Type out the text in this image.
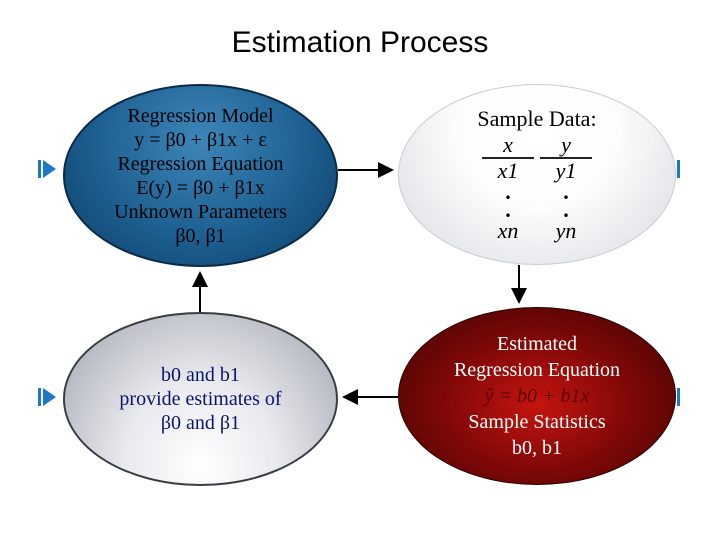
Estimation Process
Regression Model
y = β0 + β1x + ε
Regression Equation
E(y) = β0 + β1x
Unknown Parameters
β0, β1
Sample Data:
x	y
x1 y1
. .
. .
xn yn
b0 and b1
provide estimates of
β0 and β1
Estimated
Regression Equation
ŷ = b0 + b1x
Sample Statistics
b0, b1
